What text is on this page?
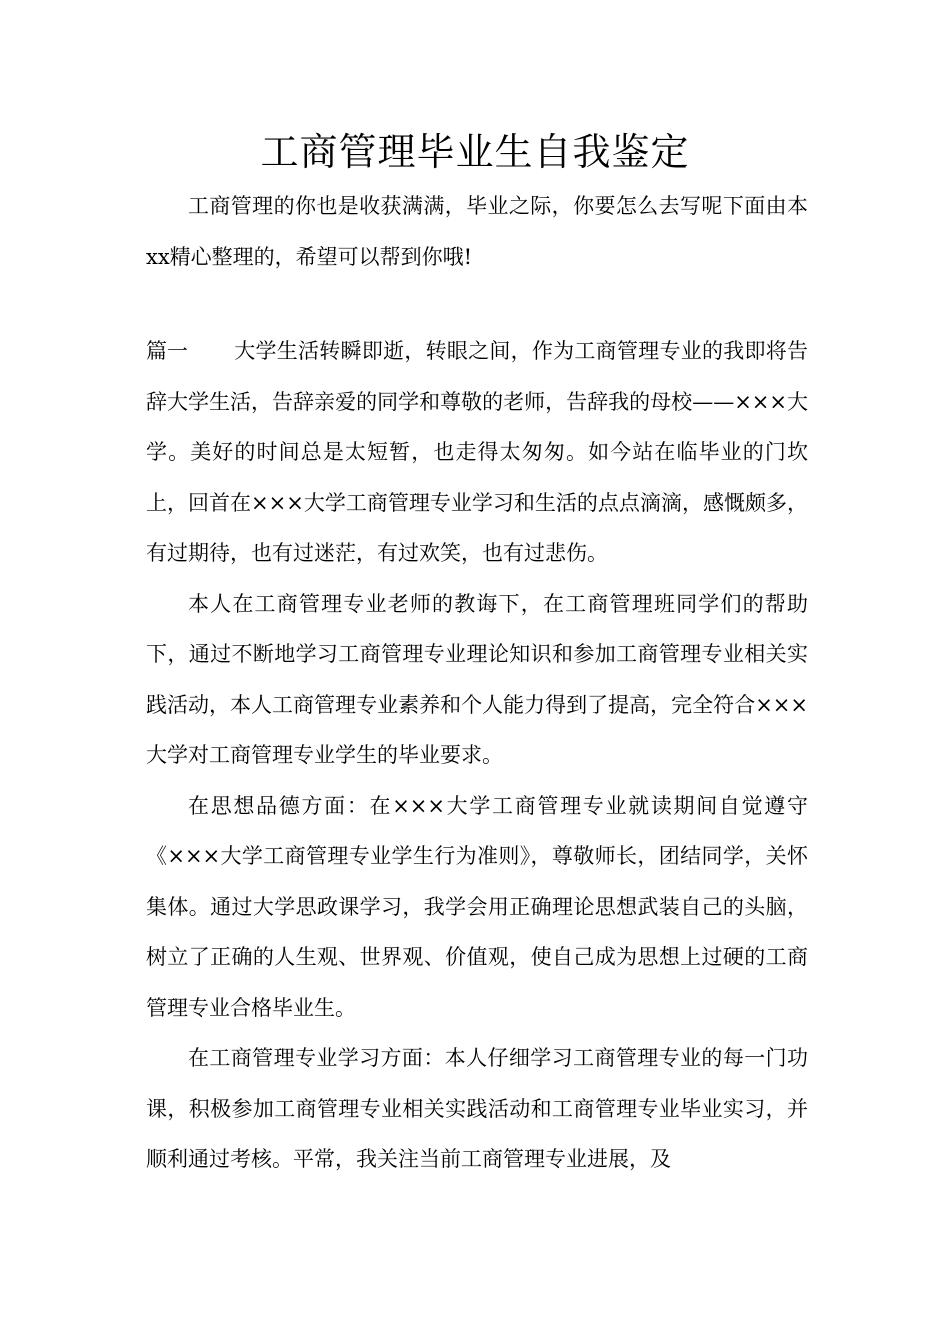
工商管理毕业生自我鉴定

工商管理的你也是收获满满，毕业之际，你要怎么去写呢下面由本xx精心整理的，希望可以帮到你哦!

篇一 大学生活转瞬即逝，转眼之间，作为工商管理专业的我即将告辞大学生活，告辞亲爱的同学和尊敬的老师，告辞我的母校——×××大学。美好的时间总是太短暂，也走得太匆匆。如今站在临毕业的门坎上，回首在×××大学工商管理专业学习和生活的点点滴滴，感慨颇多，有过期待，也有过迷茫，有过欢笑，也有过悲伤。

本人在工商管理专业老师的教诲下，在工商管理班同学们的帮助下，通过不断地学习工商管理专业理论知识和参加工商管理专业相关实践活动，本人工商管理专业素养和个人能力得到了提高，完全符合×××大学对工商管理专业学生的毕业要求。

在思想品德方面：在×××大学工商管理专业就读期间自觉遵守《×××大学工商管理专业学生行为准则》，尊敬师长，团结同学，关怀集体。通过大学思政课学习，我学会用正确理论思想武装自己的头脑，树立了正确的人生观、世界观、价值观，使自己成为思想上过硬的工商管理专业合格毕业生。

在工商管理专业学习方面：本人仔细学习工商管理专业的每一门功课，积极参加工商管理专业相关实践活动和工商管理专业毕业实习，并顺利通过考核。平常，我关注当前工商管理专业进展，及
